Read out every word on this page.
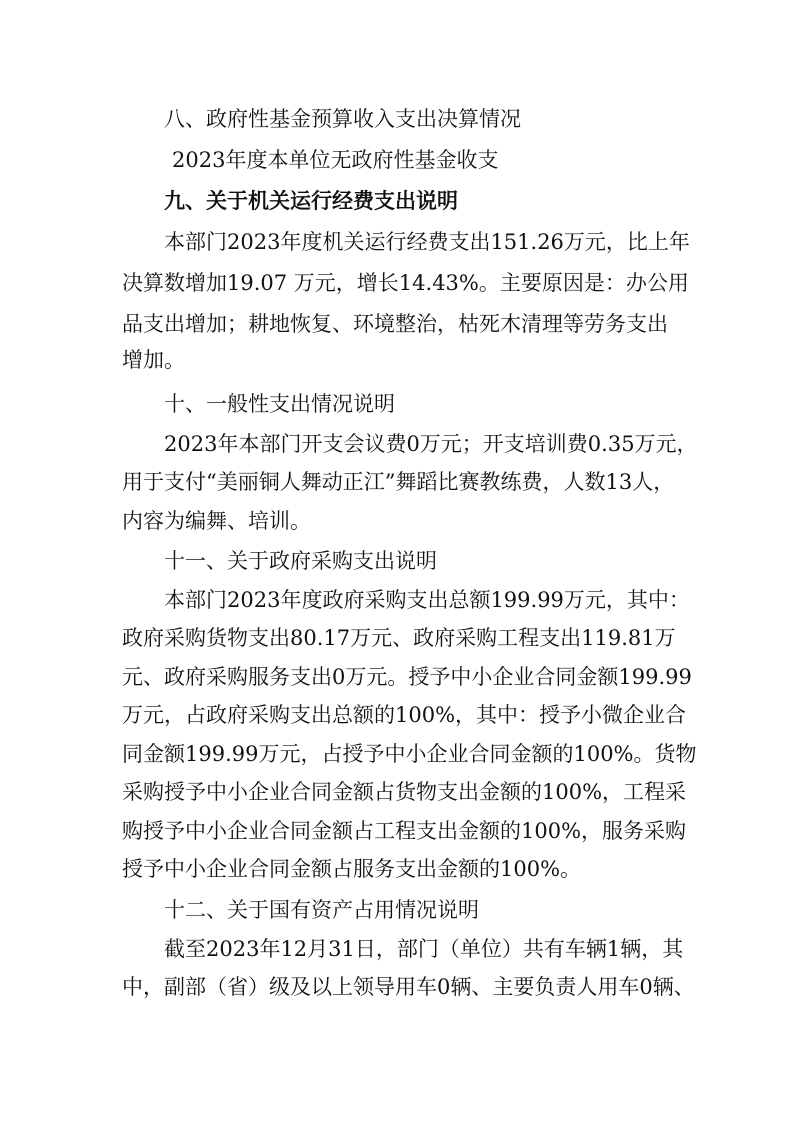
八、政府性基金预算收入支出决算情况
2023年度本单位无政府性基金收支
九、关于机关运行经费支出说明
本部门2023年度机关运行经费支出151.26万元，比上年
决算数增加19.07 万元，增长14.43%。主要原因是：办公用
品支出增加；耕地恢复、环境整治，枯死木清理等劳务支出
增加。
十、一般性支出情况说明
2023年本部门开支会议费0万元；开支培训费0.35万元，
用于支付“美丽铜人舞动正江”舞蹈比赛教练费，人数13人，
内容为编舞、培训。
十一、关于政府采购支出说明
本部门2023年度政府采购支出总额199.99万元，其中：
政府采购货物支出80.17万元、政府采购工程支出119.81万
元、政府采购服务支出0万元。授予中小企业合同金额199.99
万元，占政府采购支出总额的100%，其中：授予小微企业合
同金额199.99万元，占授予中小企业合同金额的100%。货物
采购授予中小企业合同金额占货物支出金额的100%，工程采
购授予中小企业合同金额占工程支出金额的100%，服务采购
授予中小企业合同金额占服务支出金额的100%。
十二、关于国有资产占用情况说明
截至2023年12月31日，部门（单位）共有车辆1辆，其
中，副部（省）级及以上领导用车0辆、主要负责人用车0辆、
